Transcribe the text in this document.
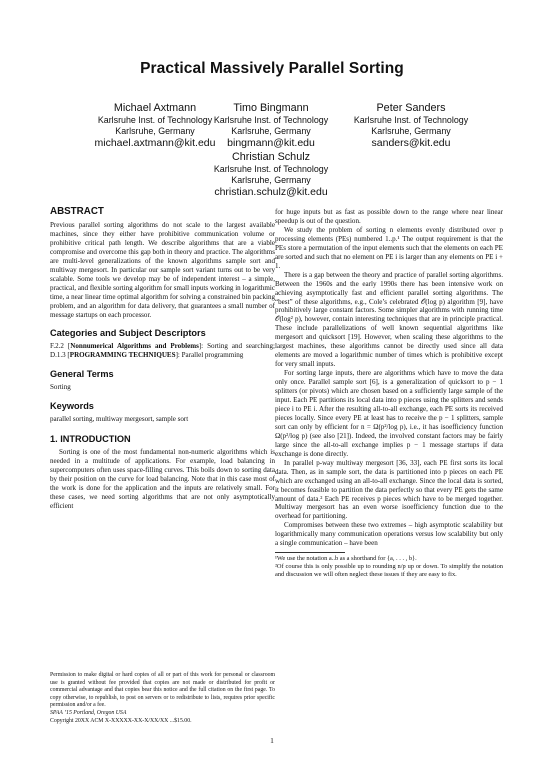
Practical Massively Parallel Sorting
Michael Axtmann
Karlsruhe Inst. of Technology
Karlsruhe, Germany
michael.axtmann@kit.edu
Timo Bingmann
Karlsruhe Inst. of Technology
Karlsruhe, Germany
bingmann@kit.edu
Peter Sanders
Karlsruhe Inst. of Technology
Karlsruhe, Germany
sanders@kit.edu
Christian Schulz
Karlsruhe Inst. of Technology
Karlsruhe, Germany
christian.schulz@kit.edu
ABSTRACT

Previous parallel sorting algorithms do not scale to the largest available machines, since they either have prohibitive communication volume or prohibitive critical path length. We describe algorithms that are a viable compromise and overcome this gap both in theory and practice. The algorithms are multi-level generalizations of the known algorithms sample sort and multiway mergesort. In particular our sample sort variant turns out to be very scalable. Some tools we develop may be of independent interest – a simple, practical, and flexible sorting algorithm for small inputs working in logarithmic time, a near linear time optimal algorithm for solving a constrained bin packing problem, and an algorithm for data delivery, that guarantees a small number of message startups on each processor.

Categories and Subject Descriptors

F.2.2 [Nonnumerical Algorithms and Problems]: Sorting and searching; D.1.3 [PROGRAMMING TECHNIQUES]: Parallel programming

General Terms

Sorting

Keywords

parallel sorting, multiway mergesort, sample sort

1. INTRODUCTION

Sorting is one of the most fundamental non-numeric algorithms which is needed in a multitude of applications. For example, load balancing in supercomputers often uses space-filling curves. This boils down to sorting data by their position on the curve for load balancing. Note that in this case most of the work is done for the application and the inputs are relatively small. For these cases, we need sorting algorithms that are not only asymptotically efficient

Permission to make digital or hard copies of all or part of this work for personal or classroom use is granted without fee provided that copies are not made or distributed for profit or commercial advantage and that copies bear this notice and the full citation on the first page. To copy otherwise, to republish, to post on servers or to redistribute to lists, requires prior specific permission and/or a fee.

SPAA ’15 Portland, Oregon USA

Copyright 20XX ACM X-XXXXX-XX-X/XX/XX ...$15.00.

for huge inputs but as fast as possible down to the range where near linear speedup is out of the question.

We study the problem of sorting n elements evenly distributed over p processing elements (PEs) numbered 1..p.¹ The output requirement is that the PEs store a permutation of the input elements such that the elements on each PE are sorted and such that no element on PE i is larger than any elements on PE i + 1.

There is a gap between the theory and practice of parallel sorting algorithms. Between the 1960s and the early 1990s there has been intensive work on achieving asymptotically fast and efficient parallel sorting algorithms. The “best” of these algorithms, e.g., Cole’s celebrated 𝒪(log p) algorithm [9], have prohibitively large constant factors. Some simpler algorithms with running time 𝒪(log² p), however, contain interesting techniques that are in principle practical. These include parallelizations of well known sequential algorithms like mergesort and quicksort [19]. However, when scaling these algorithms to the largest machines, these algorithms cannot be directly used since all data elements are moved a logarithmic number of times which is prohibitive except for very small inputs.

For sorting large inputs, there are algorithms which have to move the data only once. Parallel sample sort [6], is a generalization of quicksort to p − 1 splitters (or pivots) which are chosen based on a sufficiently large sample of the input. Each PE partitions its local data into p pieces using the splitters and sends piece i to PE i. After the resulting all-to-all exchange, each PE sorts its received pieces locally. Since every PE at least has to receive the p − 1 splitters, sample sort can only by efficient for n = Ω(p²/log p), i.e., it has isoefficiency function Ω(p²/log p) (see also [21]). Indeed, the involved constant factors may be fairly large since the all-to-all exchange implies p − 1 message startups if data exchange is done directly.

In parallel p-way multiway mergesort [36, 33], each PE first sorts its local data. Then, as in sample sort, the data is partitioned into p pieces on each PE which are exchanged using an all-to-all exchange. Since the local data is sorted, it becomes feasible to partition the data perfectly so that every PE gets the same amount of data.² Each PE receives p pieces which have to be merged together. Multiway mergesort has an even worse isoefficiency function due to the overhead for partitioning.

Compromises between these two extremes – high asymptotic scalability but logarithmically many communication operations versus low scalability but only a single communication – have been

¹We use the notation a..b as a shorthand for {a, . . . , b}.

²Of course this is only possible up to rounding n/p up or down. To simplify the notation and discussion we will often neglect these issues if they are easy to fix.

1
